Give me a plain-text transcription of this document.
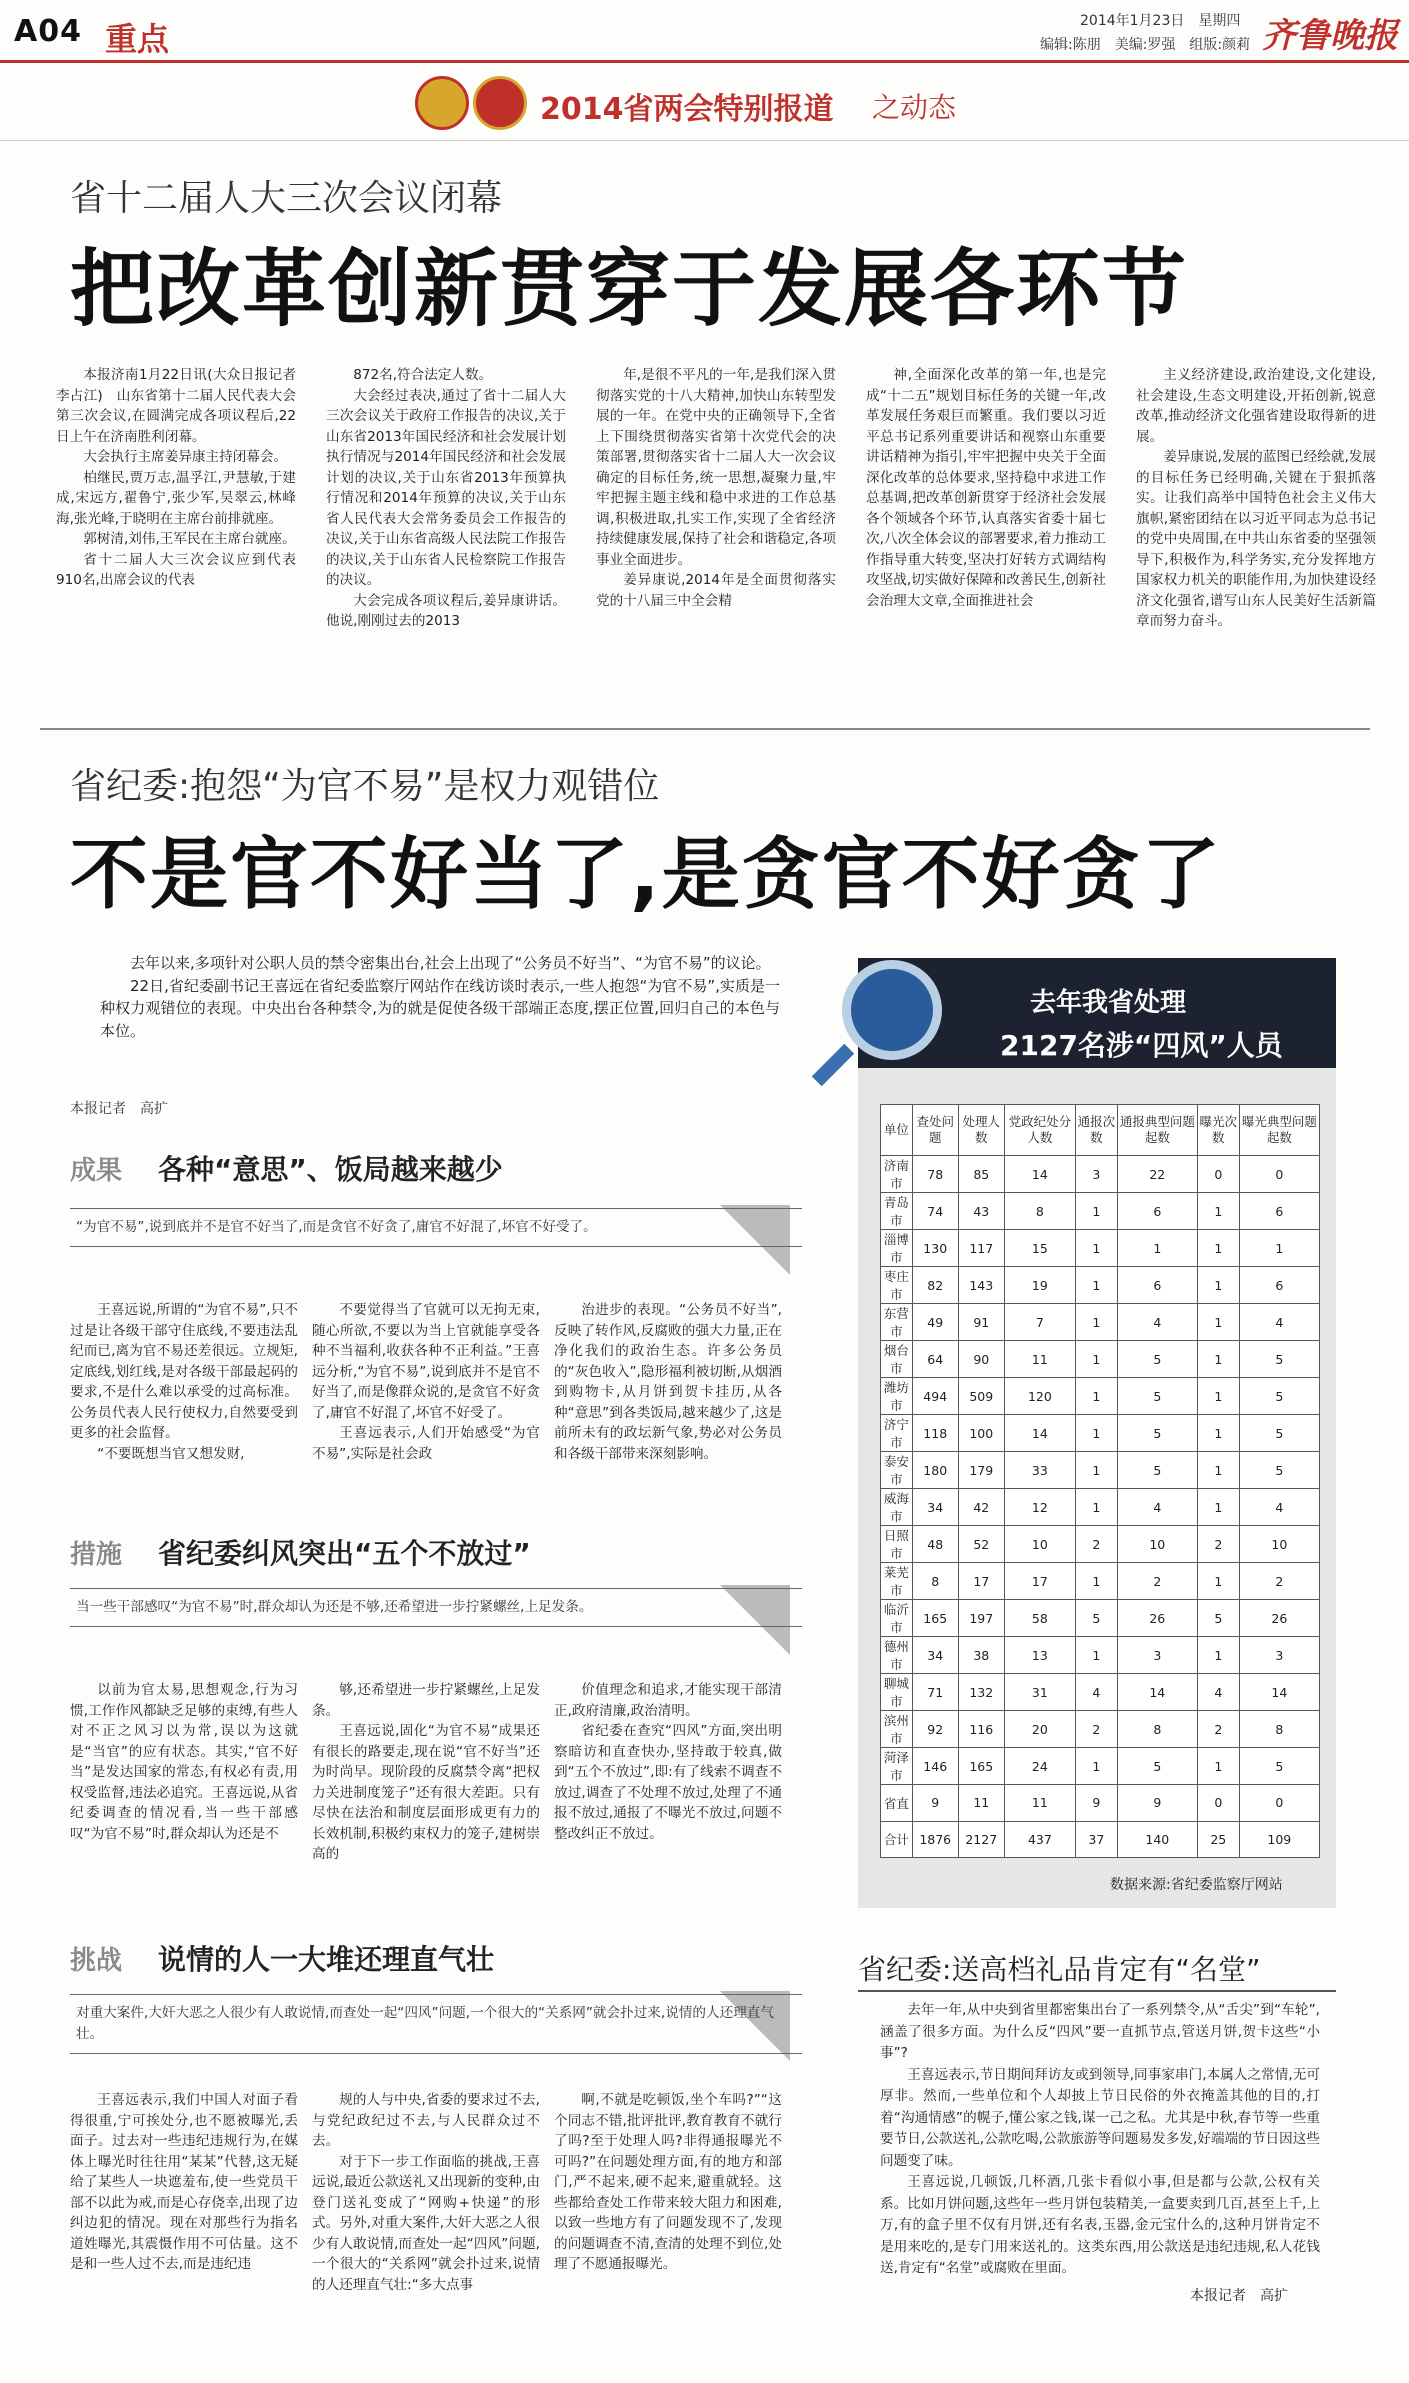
A04 重点	2014年1月23日　星期四
编辑:陈朋　美编:罗强　组版:颜莉 齐鲁晚报
2014省两会特别报道 之动态
省十二届人大三次会议闭幕
把改革创新贯穿于发展各环节

本报济南1月22日讯(大众日报记者　李占江)　山东省第十二届人民代表大会第三次会议,在圆满完成各项议程后,22日上午在济南胜利闭幕。

大会执行主席姜异康主持闭幕会。

柏继民,贾万志,温孚江,尹慧敏,于建成,宋远方,翟鲁宁,张少军,吴翠云,林峰海,张光峰,于晓明在主席台前排就座。

郭树清,刘伟,王军民在主席台就座。

省十二届人大三次会议应到代表910名,出席会议的代表

872名,符合法定人数。

大会经过表决,通过了省十二届人大三次会议关于政府工作报告的决议,关于山东省2013年国民经济和社会发展计划执行情况与2014年国民经济和社会发展计划的决议,关于山东省2013年预算执行情况和2014年预算的决议,关于山东省人民代表大会常务委员会工作报告的决议,关于山东省高级人民法院工作报告的决议,关于山东省人民检察院工作报告的决议。

大会完成各项议程后,姜异康讲话。他说,刚刚过去的2013

年,是很不平凡的一年,是我们深入贯彻落实党的十八大精神,加快山东转型发展的一年。在党中央的正确领导下,全省上下围绕贯彻落实省第十次党代会的决策部署,贯彻落实省十二届人大一次会议确定的目标任务,统一思想,凝聚力量,牢牢把握主题主线和稳中求进的工作总基调,积极进取,扎实工作,实现了全省经济持续健康发展,保持了社会和谐稳定,各项事业全面进步。

姜异康说,2014年是全面贯彻落实党的十八届三中全会精

神,全面深化改革的第一年,也是完成“十二五”规划目标任务的关键一年,改革发展任务艰巨而繁重。我们要以习近平总书记系列重要讲话和视察山东重要讲话精神为指引,牢牢把握中央关于全面深化改革的总体要求,坚持稳中求进工作总基调,把改革创新贯穿于经济社会发展各个领域各个环节,认真落实省委十届七次,八次全体会议的部署要求,着力推动工作指导重大转变,坚决打好转方式调结构攻坚战,切实做好保障和改善民生,创新社会治理大文章,全面推进社会

主义经济建设,政治建设,文化建设,社会建设,生态文明建设,开拓创新,锐意改革,推动经济文化强省建设取得新的进展。

姜异康说,发展的蓝图已经绘就,发展的目标任务已经明确,关键在于狠抓落实。让我们高举中国特色社会主义伟大旗帜,紧密团结在以习近平同志为总书记的党中央周围,在中共山东省委的坚强领导下,积极作为,科学务实,充分发挥地方国家权力机关的职能作用,为加快建设经济文化强省,谱写山东人民美好生活新篇章而努力奋斗。

省纪委:抱怨“为官不易”是权力观错位
不是官不好当了,是贪官不好贪了

去年以来,多项针对公职人员的禁令密集出台,社会上出现了“公务员不好当”、“为官不易”的议论。

22日,省纪委副书记王喜远在省纪委监察厅网站作在线访谈时表示,一些人抱怨“为官不易”,实质是一种权力观错位的表现。中央出台各种禁令,为的就是促使各级干部端正态度,摆正位置,回归自己的本色与本位。

本报记者　高扩
成果 各种“意思”、饭局越来越少
“为官不易”,说到底并不是官不好当了,而是贪官不好贪了,庸官不好混了,坏官不好受了。

王喜远说,所谓的“为官不易”,只不过是让各级干部守住底线,不要违法乱纪而已,离为官不易还差很远。立规矩,定底线,划红线,是对各级干部最起码的要求,不是什么难以承受的过高标准。公务员代表人民行使权力,自然要受到更多的社会监督。

“不要既想当官又想发财,

不要觉得当了官就可以无拘无束,随心所欲,不要以为当上官就能享受各种不当福利,收获各种不正利益。”王喜远分析,“为官不易”,说到底并不是官不好当了,而是像群众说的,是贪官不好贪了,庸官不好混了,坏官不好受了。

王喜远表示,人们开始感受“为官不易”,实际是社会政

治进步的表现。“公务员不好当”,反映了转作风,反腐败的强大力量,正在净化我们的政治生态。许多公务员的“灰色收入”,隐形福利被切断,从烟酒到购物卡,从月饼到贺卡挂历,从各种“意思”到各类饭局,越来越少了,这是前所未有的政坛新气象,势必对公务员和各级干部带来深刻影响。

措施 省纪委纠风突出“五个不放过”
当一些干部感叹“为官不易”时,群众却认为还是不够,还希望进一步拧紧螺丝,上足发条。

以前为官太易,思想观念,行为习惯,工作作风都缺乏足够的束缚,有些人对不正之风习以为常,误以为这就是“当官”的应有状态。其实,“官不好当”是发达国家的常态,有权必有责,用权受监督,违法必追究。王喜远说,从省纪委调查的情况看,当一些干部感叹“为官不易”时,群众却认为还是不

够,还希望进一步拧紧螺丝,上足发条。

王喜远说,固化“为官不易”成果还有很长的路要走,现在说“官不好当”还为时尚早。现阶段的反腐禁令离“把权力关进制度笼子”还有很大差距。只有尽快在法治和制度层面形成更有力的长效机制,积极约束权力的笼子,建树崇高的

价值理念和追求,才能实现干部清正,政府清廉,政治清明。

省纪委在查究“四风”方面,突出明察暗访和直查快办,坚持敢于较真,做到“五个不放过”,即:有了线索不调查不放过,调查了不处理不放过,处理了不通报不放过,通报了不曝光不放过,问题不整改纠正不放过。

挑战 说情的人一大堆还理直气壮
对重大案件,大奸大恶之人很少有人敢说情,而查处一起“四风”问题,一个很大的“关系网”就会扑过来,说情的人还理直气壮。

王喜远表示,我们中国人对面子看得很重,宁可挨处分,也不愿被曝光,丢面子。过去对一些违纪违规行为,在媒体上曝光时往往用“某某”代替,这无疑给了某些人一块遮羞布,使一些党员干部不以此为戒,而是心存侥幸,出现了边纠边犯的情况。现在对那些行为指名道姓曝光,其震慑作用不可估量。这不是和一些人过不去,而是违纪违

规的人与中央,省委的要求过不去,与党纪政纪过不去,与人民群众过不去。

对于下一步工作面临的挑战,王喜远说,最近公款送礼又出现新的变种,由登门送礼变成了“网购+快递”的形式。另外,对重大案件,大奸大恶之人很少有人敢说情,而查处一起“四风”问题,一个很大的“关系网”就会扑过来,说情的人还理直气壮:“多大点事

啊,不就是吃顿饭,坐个车吗?”“这个同志不错,批评批评,教育教育不就行了吗?至于处理人吗?非得通报曝光不可吗?”在问题处理方面,有的地方和部门,严不起来,硬不起来,避重就轻。这些都给查处工作带来较大阻力和困难,以致一些地方有了问题发现不了,发现的问题调查不清,查清的处理不到位,处理了不愿通报曝光。

去年我省处理
2127名涉“四风”人员
单位	查处问题	处理人数	党政纪处分人数	通报次数	通报典型问题起数	曝光次数	曝光典型问题起数
济南市	78	85	14	3	22	0	0
青岛市	74	43	8	1	6	1	6
淄博市	130	117	15	1	1	1	1
枣庄市	82	143	19	1	6	1	6
东营市	49	91	7	1	4	1	4
烟台市	64	90	11	1	5	1	5
潍坊市	494	509	120	1	5	1	5
济宁市	118	100	14	1	5	1	5
泰安市	180	179	33	1	5	1	5
威海市	34	42	12	1	4	1	4
日照市	48	52	10	2	10	2	10
莱芜市	8	17	17	1	2	1	2
临沂市	165	197	58	5	26	5	26
德州市	34	38	13	1	3	1	3
聊城市	71	132	31	4	14	4	14
滨州市	92	116	20	2	8	2	8
菏泽市	146	165	24	1	5	1	5
省直	9	11	11	9	9	0	0
合计	1876	2127	437	37	140	25	109
数据来源:省纪委监察厅网站
省纪委:送高档礼品肯定有“名堂”

去年一年,从中央到省里都密集出台了一系列禁令,从“舌尖”到“车轮”,涵盖了很多方面。为什么反“四风”要一直抓节点,管送月饼,贺卡这些“小事”?

王喜远表示,节日期间拜访友或到领导,同事家串门,本属人之常情,无可厚非。然而,一些单位和个人却披上节日民俗的外衣掩盖其他的目的,打着“沟通情感”的幌子,懂公家之钱,谋一己之私。尤其是中秋,春节等一些重要节日,公款送礼,公款吃喝,公款旅游等问题易发多发,好端端的节日因这些问题变了味。

王喜远说,几顿饭,几杯酒,几张卡看似小事,但是都与公款,公权有关系。比如月饼问题,这些年一些月饼包装精美,一盒要卖到几百,甚至上千,上万,有的盒子里不仅有月饼,还有名表,玉器,金元宝什么的,这种月饼肯定不是用来吃的,是专门用来送礼的。这类东西,用公款送是违纪违规,私人花钱送,肯定有“名堂”或腐败在里面。

本报记者　高扩
